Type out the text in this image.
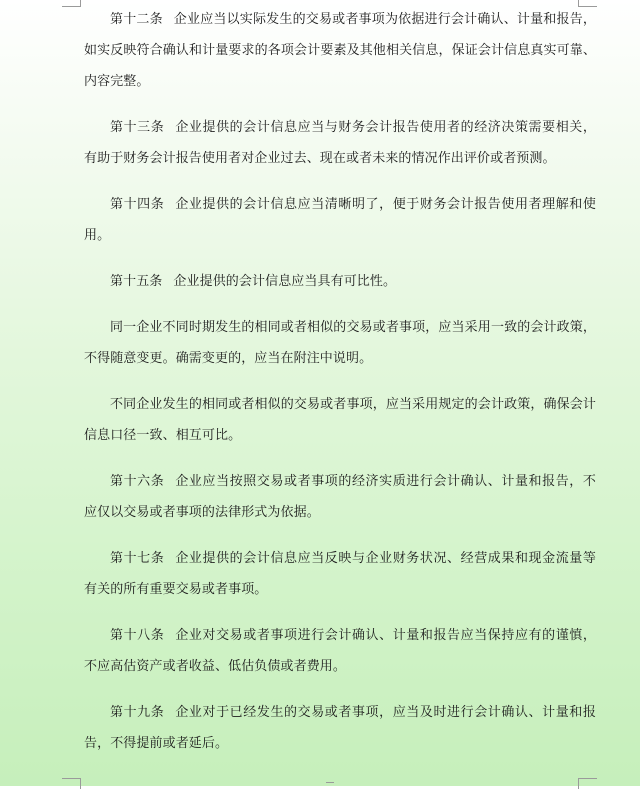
第十二条 企业应当以实际发生的交易或者事项为依据进行会计确认、计量和报告，如实反映符合确认和计量要求的各项会计要素及其他相关信息，保证会计信息真实可靠、内容完整。

第十三条 企业提供的会计信息应当与财务会计报告使用者的经济决策需要相关， 有助于财务会计报告使用者对企业过去、现在或者未来的情况作出评价或者预测。

第十四条 企业提供的会计信息应当清晰明了，便于财务会计报告使用者理解和使用。

第十五条 企业提供的会计信息应当具有可比性。

同一企业不同时期发生的相同或者相似的交易或者事项，应当采用一致的会计政策，不得随意变更。确需变更的，应当在附注中说明。

不同企业发生的相同或者相似的交易或者事项，应当采用规定的会计政策，确保会计信息口径一致、相互可比。

第十六条 企业应当按照交易或者事项的经济实质进行会计确认、计量和报告，不 应仅以交易或者事项的法律形式为依据。

第十七条 企业提供的会计信息应当反映与企业财务状况、经营成果和现金流量等 有关的所有重要交易或者事项。

第十八条 企业对交易或者事项进行会计确认、计量和报告应当保持应有的谨慎， 不应高估资产或者收益、低估负债或者费用。

第十九条 企业对于已经发生的交易或者事项，应当及时进行会计确认、计量和报告，不得提前或者延后。
